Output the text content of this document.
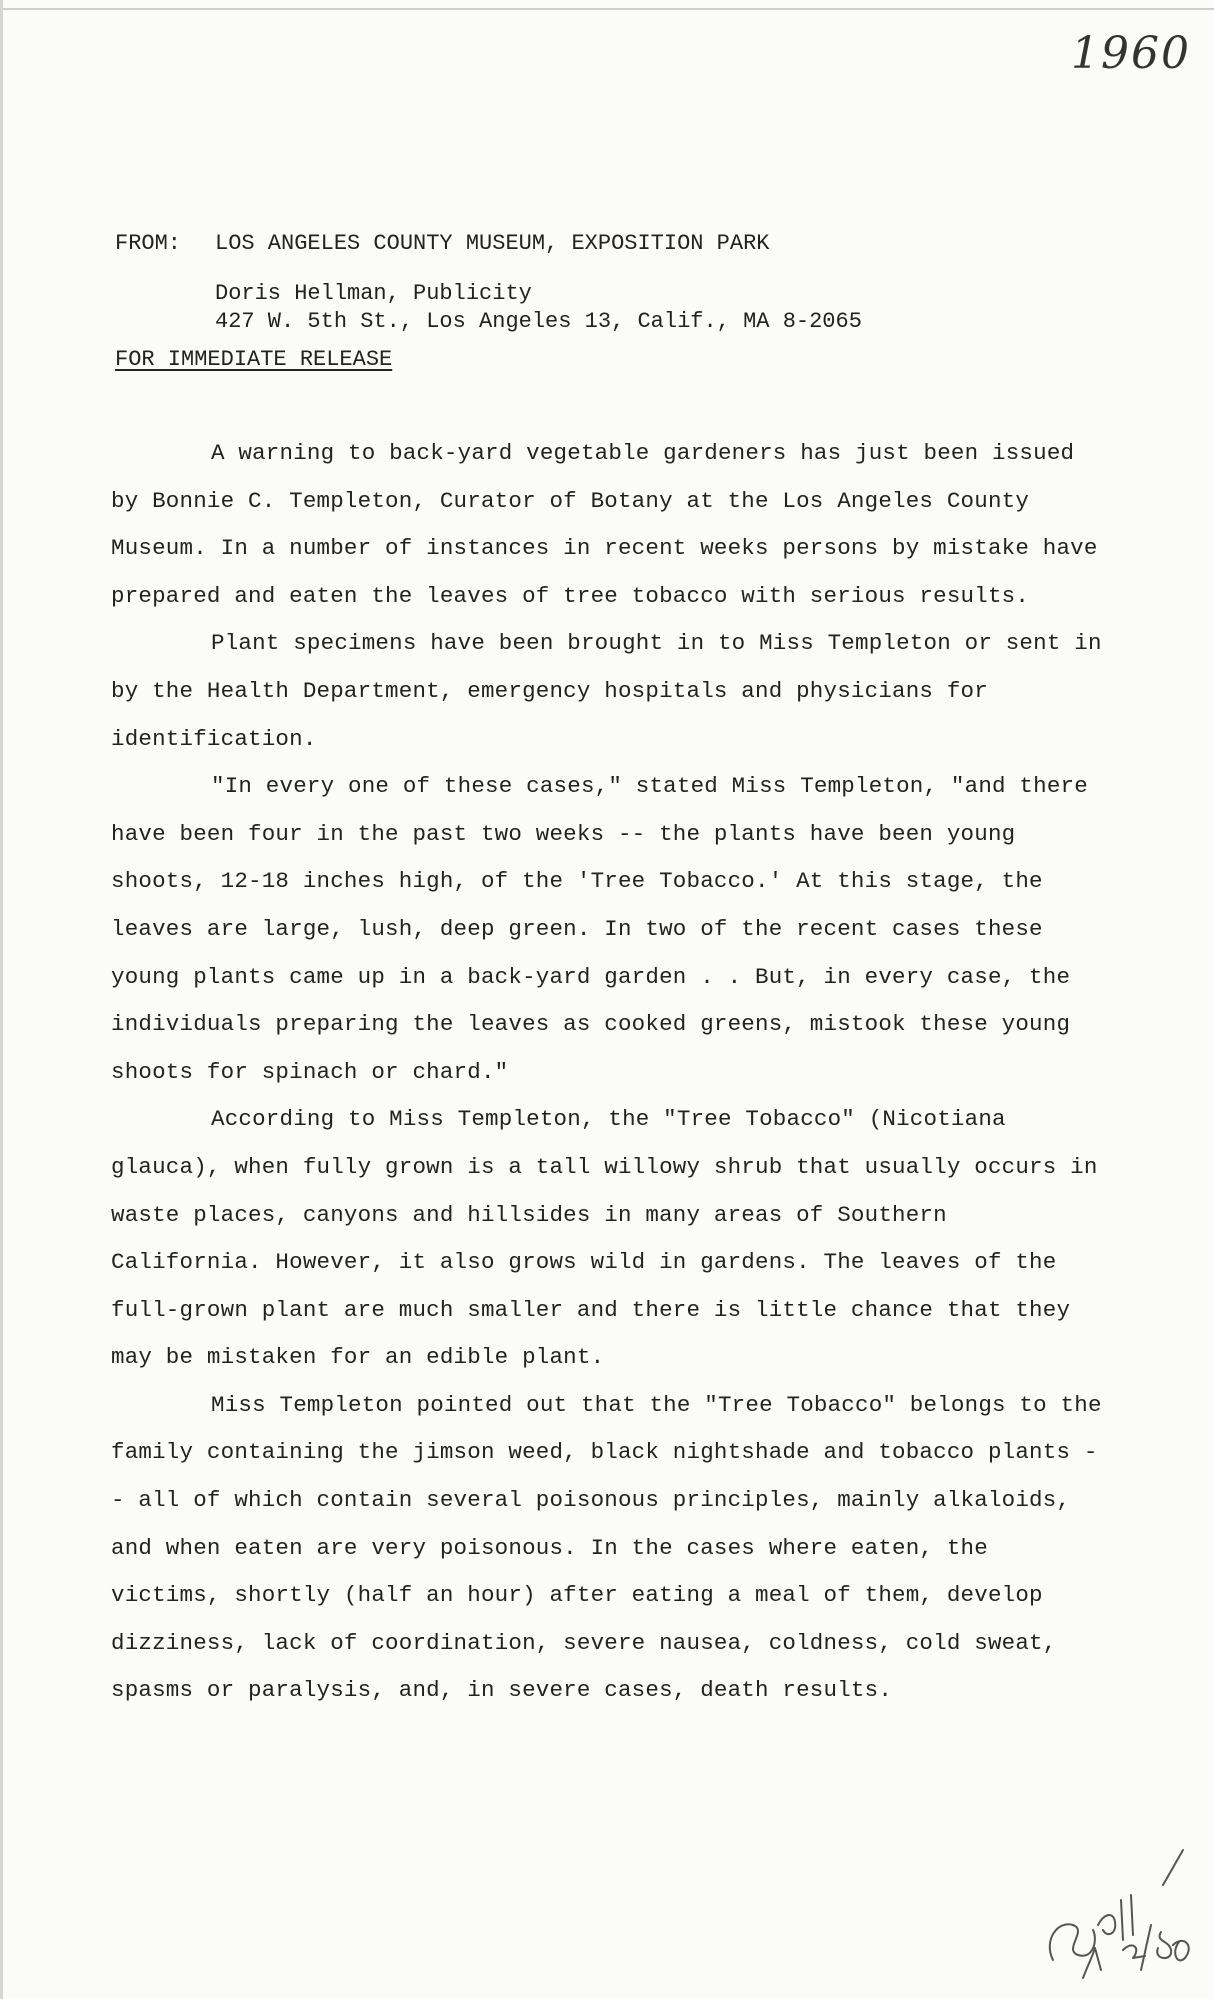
1960
FROM:	LOS ANGELES COUNTY MUSEUM, EXPOSITION PARK
Doris Hellman, Publicity
427 W. 5th St., Los Angeles 13, Calif., MA 8-2065
FOR IMMEDIATE RELEASE

A warning to back-yard vegetable gardeners has just been issued by Bonnie C. Templeton, Curator of Botany at the Los Angeles County Museum. In a number of instances in recent weeks persons by mistake have prepared and eaten the leaves of tree tobacco with serious results.

Plant specimens have been brought in to Miss Templeton or sent in by the Health Department, emergency hospitals and physicians for identification.

"In every one of these cases," stated Miss Templeton, "and there have been four in the past two weeks -- the plants have been young shoots, 12-18 inches high, of the 'Tree Tobacco.' At this stage, the leaves are large, lush, deep green. In two of the recent cases these young plants came up in a back-yard garden . . But, in every case, the individuals preparing the leaves as cooked greens, mistook these young shoots for spinach or chard."

According to Miss Templeton, the "Tree Tobacco" (Nicotiana glauca), when fully grown is a tall willowy shrub that usually occurs in waste places, canyons and hillsides in many areas of Southern California. However, it also grows wild in gardens. The leaves of the full-grown plant are much smaller and there is little chance that they may be mistaken for an edible plant.

Miss Templeton pointed out that the "Tree Tobacco" belongs to the family containing the jimson weed, black nightshade and tobacco plants -- all of which contain several poisonous principles, mainly alkaloids, and when eaten are very poisonous. In the cases where eaten, the victims, shortly (half an hour) after eating a meal of them, develop dizziness, lack of coordination, severe nausea, coldness, cold sweat, spasms or paralysis, and, in severe cases, death results.
